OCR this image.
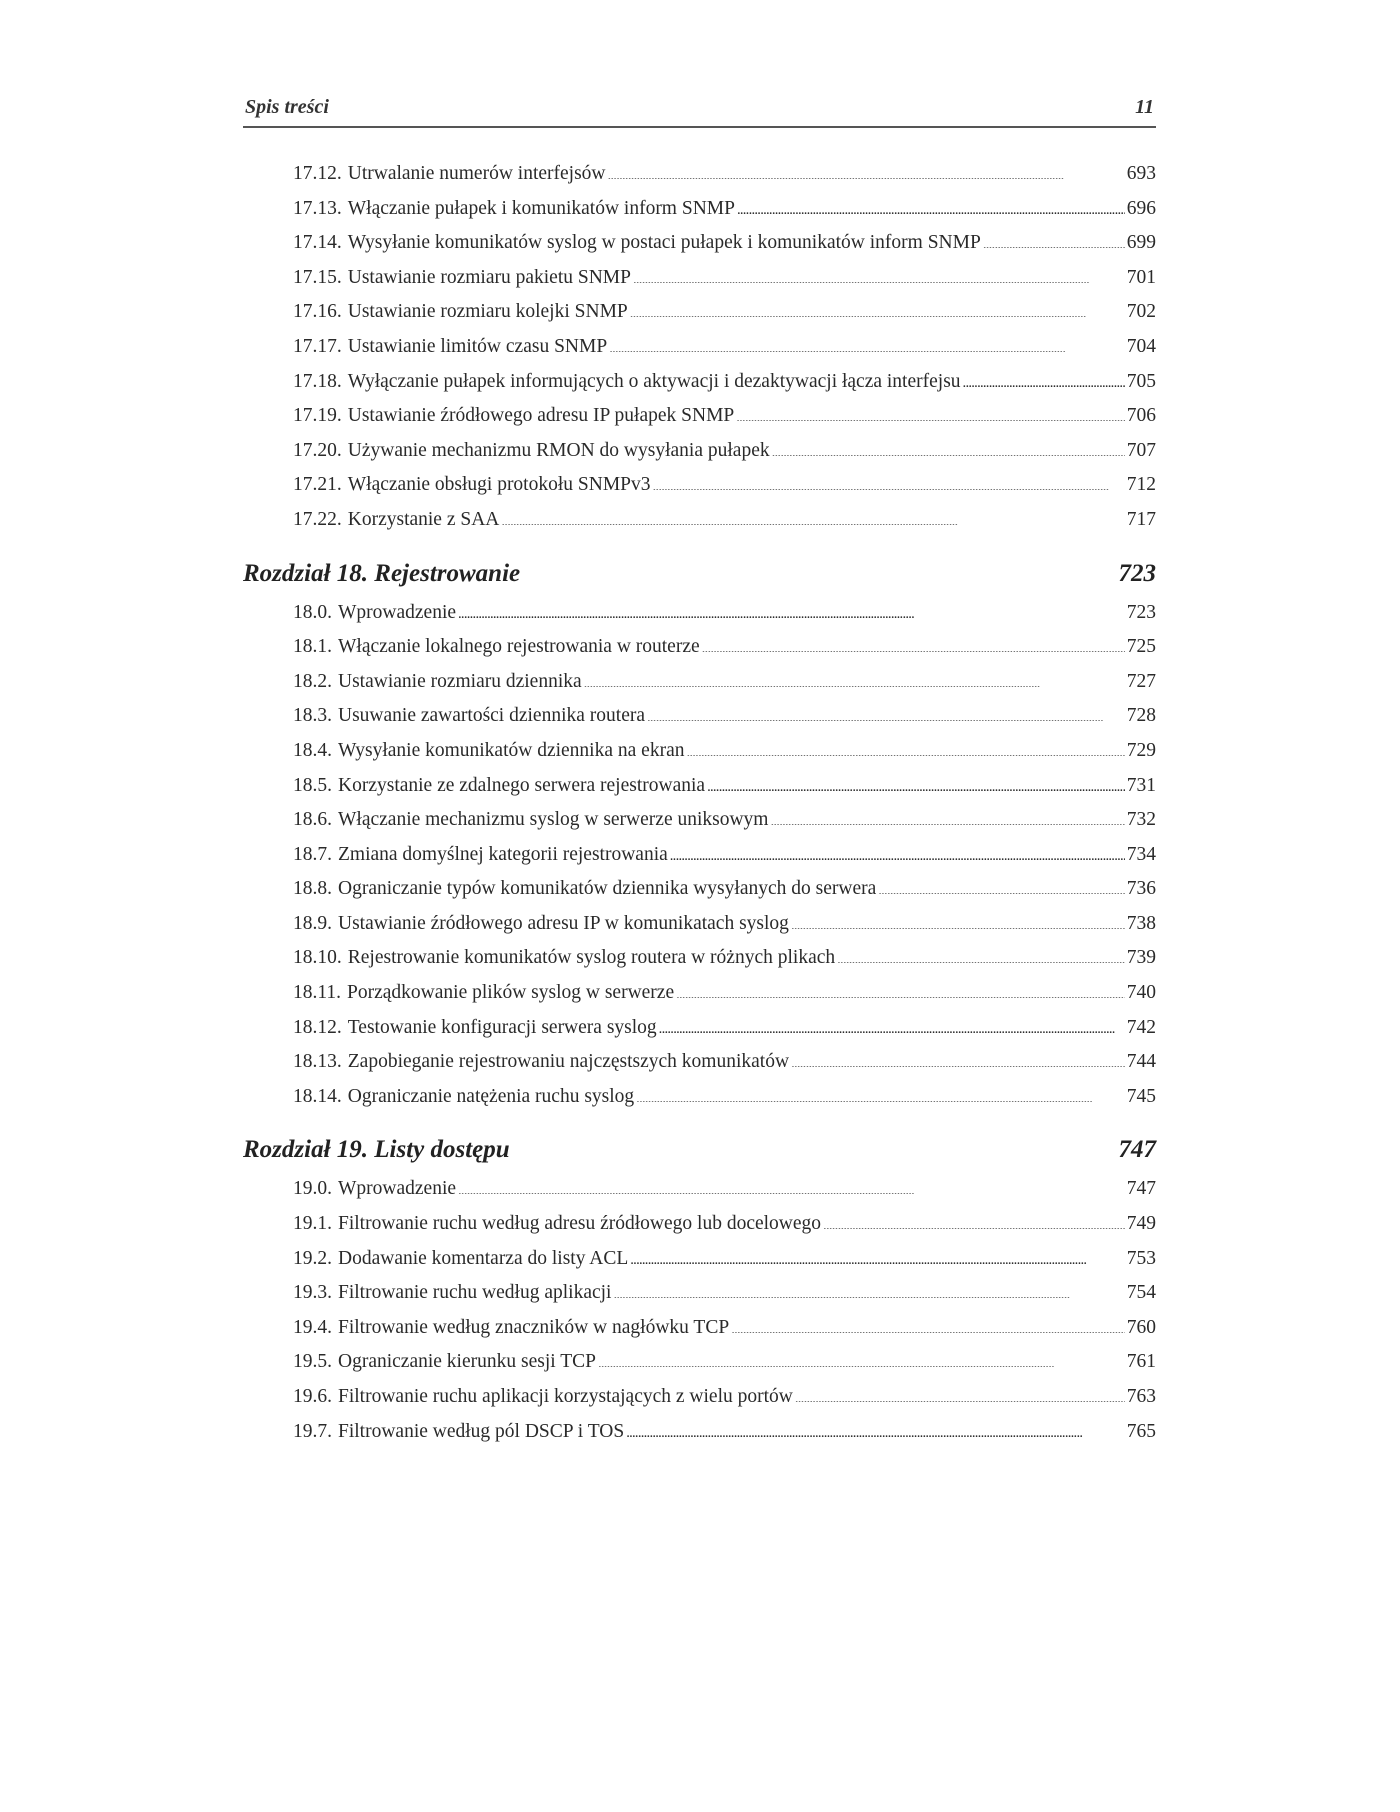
Spis treści	11
17.12. Utrwalanie numerów interfejsów . . .	693
17.13. Włączanie pułapek i komunikatów inform SNMP . . .	696
17.14. Wysyłanie komunikatów syslog w postaci pułapek i komunikatów inform SNMP . . .	699
17.15. Ustawianie rozmiaru pakietu SNMP . . .	701
17.16. Ustawianie rozmiaru kolejki SNMP . . .	702
17.17. Ustawianie limitów czasu SNMP . . .	704
17.18. Wyłączanie pułapek informujących o aktywacji i dezaktywacji łącza interfejsu . . .	705
17.19. Ustawianie źródłowego adresu IP pułapek SNMP . . .	706
17.20. Używanie mechanizmu RMON do wysyłania pułapek . . .	707
17.21. Włączanie obsługi protokołu SNMPv3 . . .	712
17.22. Korzystanie z SAA . . .	717
Rozdział 18. Rejestrowanie . . .	723
18.0. Wprowadzenie . . .	723
18.1. Włączanie lokalnego rejestrowania w routerze . . .	725
18.2. Ustawianie rozmiaru dziennika . . .	727
18.3. Usuwanie zawartości dziennika routera . . .	728
18.4. Wysyłanie komunikatów dziennika na ekran . . .	729
18.5. Korzystanie ze zdalnego serwera rejestrowania . . .	731
18.6. Włączanie mechanizmu syslog w serwerze uniksowym . . .	732
18.7. Zmiana domyślnej kategorii rejestrowania . . .	734
18.8. Ograniczanie typów komunikatów dziennika wysyłanych do serwera . . .	736
18.9. Ustawianie źródłowego adresu IP w komunikatach syslog . . .	738
18.10. Rejestrowanie komunikatów syslog routera w różnych plikach . . .	739
18.11. Porządkowanie plików syslog w serwerze . . .	740
18.12. Testowanie konfiguracji serwera syslog . . .	742
18.13. Zapobieganie rejestrowaniu najczęstszych komunikatów . . .	744
18.14. Ograniczanie natężenia ruchu syslog . . .	745
Rozdział 19. Listy dostępu . . .	747
19.0. Wprowadzenie . . .	747
19.1. Filtrowanie ruchu według adresu źródłowego lub docelowego . . .	749
19.2. Dodawanie komentarza do listy ACL . . .	753
19.3. Filtrowanie ruchu według aplikacji . . .	754
19.4. Filtrowanie według znaczników w nagłówku TCP . . .	760
19.5. Ograniczanie kierunku sesji TCP . . .	761
19.6. Filtrowanie ruchu aplikacji korzystających z wielu portów . . .	763
19.7. Filtrowanie według pól DSCP i TOS . . .	765
